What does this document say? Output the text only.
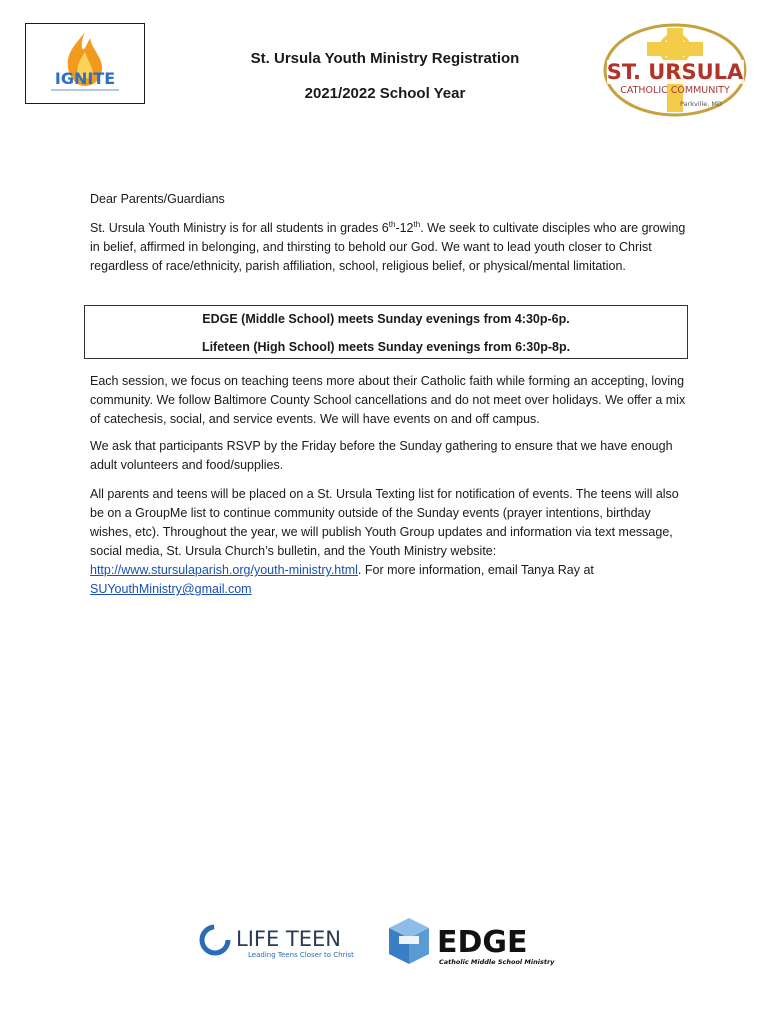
IGNITE
St. Ursula Youth Ministry Registration
2021/2022 School Year
ST. URSULA
CATHOLIC COMMUNITY
Parkville, MD
Dear Parents/Guardians
St. Ursula Youth Ministry is for all students in grades 6th-12th. We seek to cultivate disciples who are growing in belief, affirmed in belonging, and thirsting to behold our God. We want to lead youth closer to Christ regardless of race/ethnicity, parish affiliation, school, religious belief, or physical/mental limitation.
EDGE (Middle School) meets Sunday evenings from 4:30p-6p.
Lifeteen (High School) meets Sunday evenings from 6:30p-8p.
Each session, we focus on teaching teens more about their Catholic faith while forming an accepting, loving community. We follow Baltimore County School cancellations and do not meet over holidays. We offer a mix of catechesis, social, and service events. We will have events on and off campus.
We ask that participants RSVP by the Friday before the Sunday gathering to ensure that we have enough adult volunteers and food/supplies.
All parents and teens will be placed on a St. Ursula Texting list for notification of events. The teens will also be on a GroupMe list to continue community outside of the Sunday events (prayer intentions, birthday wishes, etc). Throughout the year, we will publish Youth Group updates and information via text message, social media, St. Ursula Church’s bulletin, and the Youth Ministry website: http://www.stursulaparish.org/youth-ministry.html. For more information, email Tanya Ray at SUYouthMinistry@gmail.com
LIFE TEEN
Leading Teens Closer to Christ	EDGE
Catholic Middle School Ministry
